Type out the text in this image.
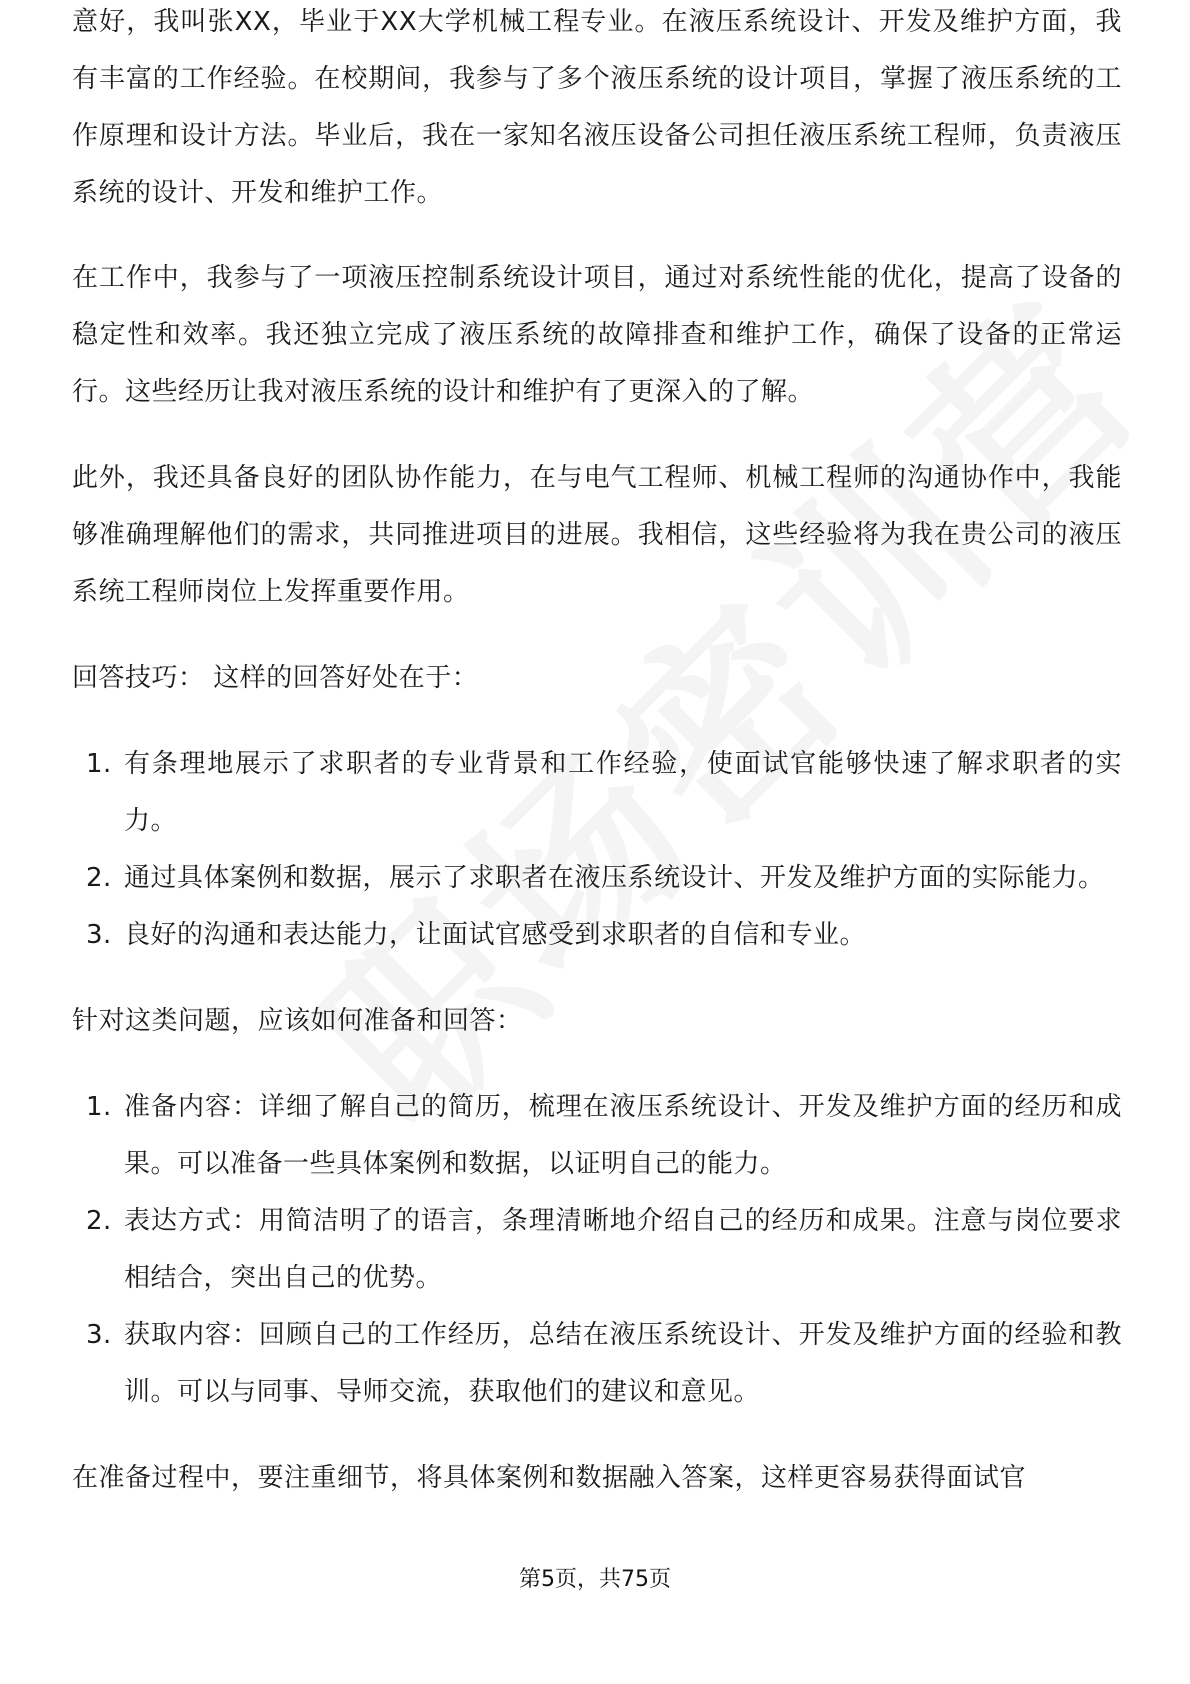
意好，我叫张XX，毕业于XX大学机械工程专业。在液压系统设计、开发及维护方面，我有丰富的工作经验。在校期间，我参与了多个液压系统的设计项目，掌握了液压系统的工作原理和设计方法。毕业后，我在一家知名液压设备公司担任液压系统工程师，负责液压系统的设计、开发和维护工作。
在工作中，我参与了一项液压控制系统设计项目，通过对系统性能的优化，提高了设备的稳定性和效率。我还独立完成了液压系统的故障排查和维护工作，确保了设备的正常运行。这些经历让我对液压系统的设计和维护有了更深入的了解。
此外，我还具备良好的团队协作能力，在与电气工程师、机械工程师的沟通协作中，我能够准确理解他们的需求，共同推进项目的进展。我相信，这些经验将为我在贵公司的液压系统工程师岗位上发挥重要作用。
回答技巧： 这样的回答好处在于：
1. 有条理地展示了求职者的专业背景和工作经验，使面试官能够快速了解求职者的实力。
2. 通过具体案例和数据，展示了求职者在液压系统设计、开发及维护方面的实际能力。
3. 良好的沟通和表达能力，让面试官感受到求职者的自信和专业。
针对这类问题，应该如何准备和回答：
1. 准备内容：详细了解自己的简历，梳理在液压系统设计、开发及维护方面的经历和成果。可以准备一些具体案例和数据，以证明自己的能力。
2. 表达方式：用简洁明了的语言，条理清晰地介绍自己的经历和成果。注意与岗位要求相结合，突出自己的优势。
3. 获取内容：回顾自己的工作经历，总结在液压系统设计、开发及维护方面的经验和教训。可以与同事、导师交流，获取他们的建议和意见。
在准备过程中，要注重细节，将具体案例和数据融入答案，这样更容易获得面试官
第5页，共75页
